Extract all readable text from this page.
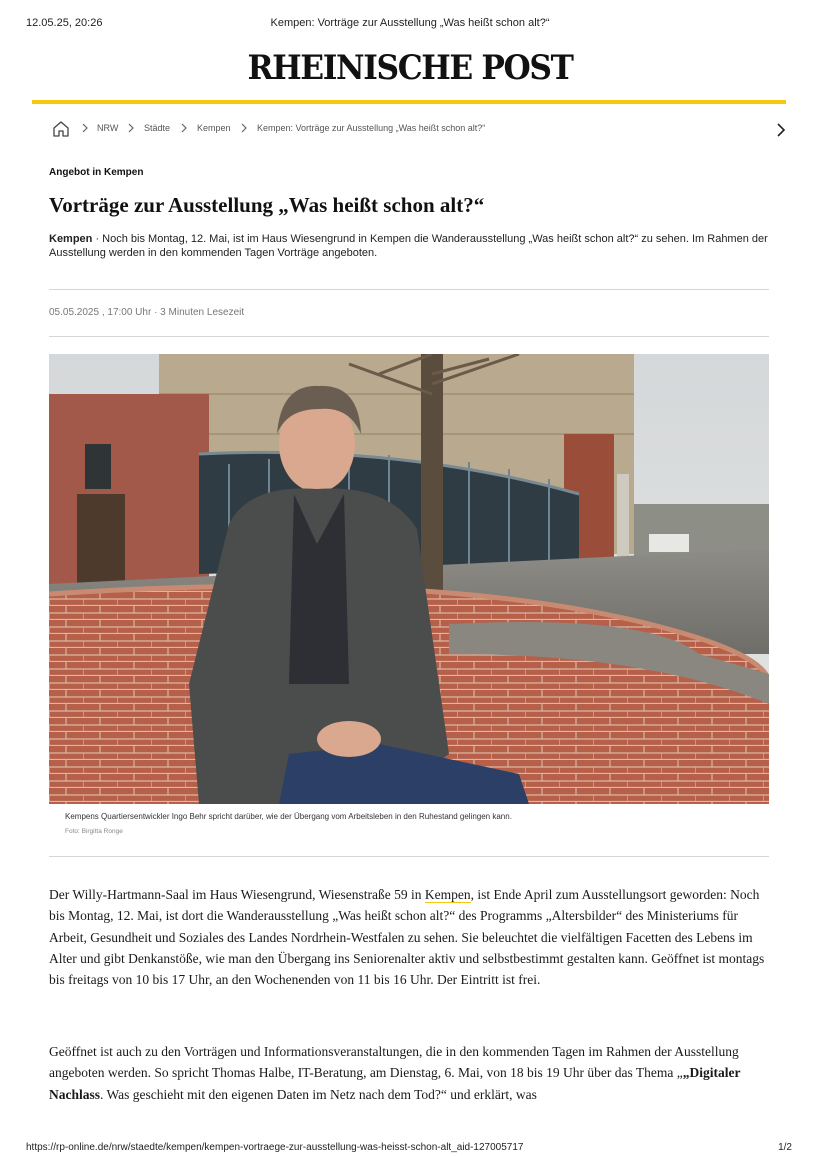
12.05.25, 20:26	Kempen: Vorträge zur Ausstellung „Was heißt schon alt?“
RHEINISCHE POST
NRW	Städte	Kempen	Kempen: Vorträge zur Ausstellung „Was heißt schon alt?“
Angebot in Kempen
Vorträge zur Ausstellung „Was heißt schon alt?“

Kempen · Noch bis Montag, 12. Mai, ist im Haus Wiesengrund in Kempen die Wanderausstellung „Was heißt schon alt?“ zu sehen. Im Rahmen der Ausstellung werden in den kommenden Tagen Vorträge angeboten.

05.05.2025 , 17:00 Uhr · 3 Minuten Lesezeit
Kempens Quartiersentwickler Ingo Behr spricht darüber, wie der Übergang vom Arbeitsleben in den Ruhestand gelingen kann.
Foto: Birgitta Ronge

Der Willy-Hartmann-Saal im Haus Wiesengrund, Wiesenstraße 59 in Kempen, ist Ende April zum Ausstellungsort geworden: Noch bis Montag, 12. Mai, ist dort die Wanderausstellung „Was heißt schon alt?“ des Programms „Altersbilder“ des Ministeriums für Arbeit, Gesundheit und Soziales des Landes Nordrhein-Westfalen zu sehen. Sie beleuchtet die vielfältigen Facetten des Lebens im Alter und gibt Denkanstöße, wie man den Übergang ins Seniorenalter aktiv und selbstbestimmt gestalten kann. Geöffnet ist montags bis freitags von 10 bis 17 Uhr, an den Wochenenden von 11 bis 16 Uhr. Der Eintritt ist frei.

Geöffnet ist auch zu den Vorträgen und Informationsveranstaltungen, die in den kommenden Tagen im Rahmen der Ausstellung angeboten werden. So spricht Thomas Halbe, IT-Beratung, am Dienstag, 6. Mai, von 18 bis 19 Uhr über das Thema „„Digitaler Nachlass. Was geschieht mit den eigenen Daten im Netz nach dem Tod?“ und erklärt, was

https://rp-online.de/nrw/staedte/kempen/kempen-vortraege-zur-ausstellung-was-heisst-schon-alt_aid-127005717	1/2
